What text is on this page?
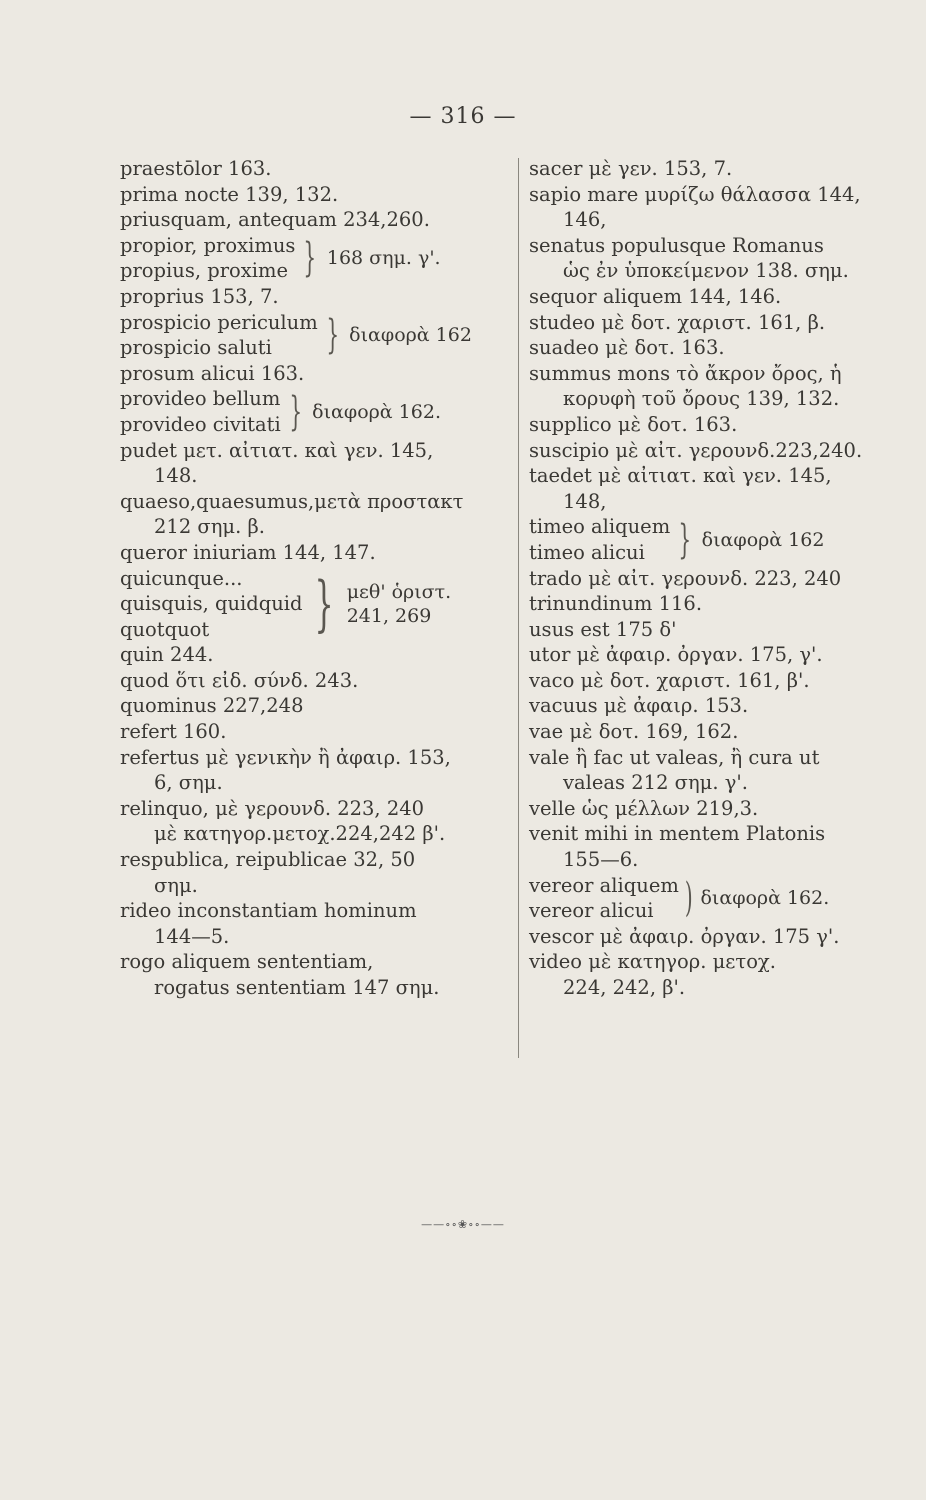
— 316 —
praestōlor 163.
prima nocte 139, 132.
priusquam, antequam 234,260.
propior, proximus
propius, proxime } 168 σημ. γ'.
proprius 153, 7.
prospicio periculum
prospicio saluti	} διαφορὰ 162
prosum alicui 163.
provideo bellum
provideo civitati } διαφορὰ 162.
pudet μετ. αἰτιατ. καὶ γεν. 145,
148.
quaeso,quaesumus,μετὰ προστακτ
212 σημ. β.
queror iniuriam 144, 147.
quicunque...
quisquis, quidquid
quotquot	} μεθ' ὁριστ.
241, 269
quin 244.
quod ὅτι εἰδ. σύνδ. 243.
quominus 227,248
refert 160.
refertus μὲ γενικὴν ἢ ἀφαιρ. 153,
6, σημ.
relinquo, μὲ γερουνδ. 223, 240
μὲ κατηγορ.μετοχ.224,242 β'.
respublica, reipublicae 32, 50
σημ.
rideo inconstantiam hominum
144—5.
rogo aliquem sententiam,
rogatus sententiam 147 σημ.
sacer μὲ γεν. 153, 7.
sapio mare μυρίζω θάλασσα 144,
146,
senatus populusque Romanus
ὡς ἐν ὑποκείμενον 138. σημ.
sequor aliquem 144, 146.
studeo μὲ δοτ. χαριστ. 161, β.
suadeo μὲ δοτ. 163.
summus mons τὸ ἄκρον ὄρος, ἡ
κορυφὴ τοῦ ὄρους 139, 132.
supplico μὲ δοτ. 163.
suscipio μὲ αἰτ. γερουνδ.223,240.
taedet μὲ αἰτιατ. καὶ γεν. 145,
148,
timeo aliquem
timeo alicui } διαφορὰ 162
trado μὲ αἰτ. γερουνδ. 223, 240
trinundinum 116.
usus est 175 δ'
utor μὲ ἀφαιρ. ὀργαν. 175, γ'.
vaco μὲ δοτ. χαριστ. 161, β'.
vacuus μὲ ἀφαιρ. 153.
vae μὲ δοτ. 169, 162.
vale ἢ fac ut valeas, ἢ cura ut
valeas 212 σημ. γ'.
velle ὡς μέλλων 219,3.
venit mihi in mentem Platonis
155—6.
vereor aliquem
vereor alicui ) διαφορὰ 162.
vescor μὲ ἀφαιρ. ὀργαν. 175 γ'.
video μὲ κατηγορ. μετοχ.
224, 242, β'.
——∘∘❀∘∘——
